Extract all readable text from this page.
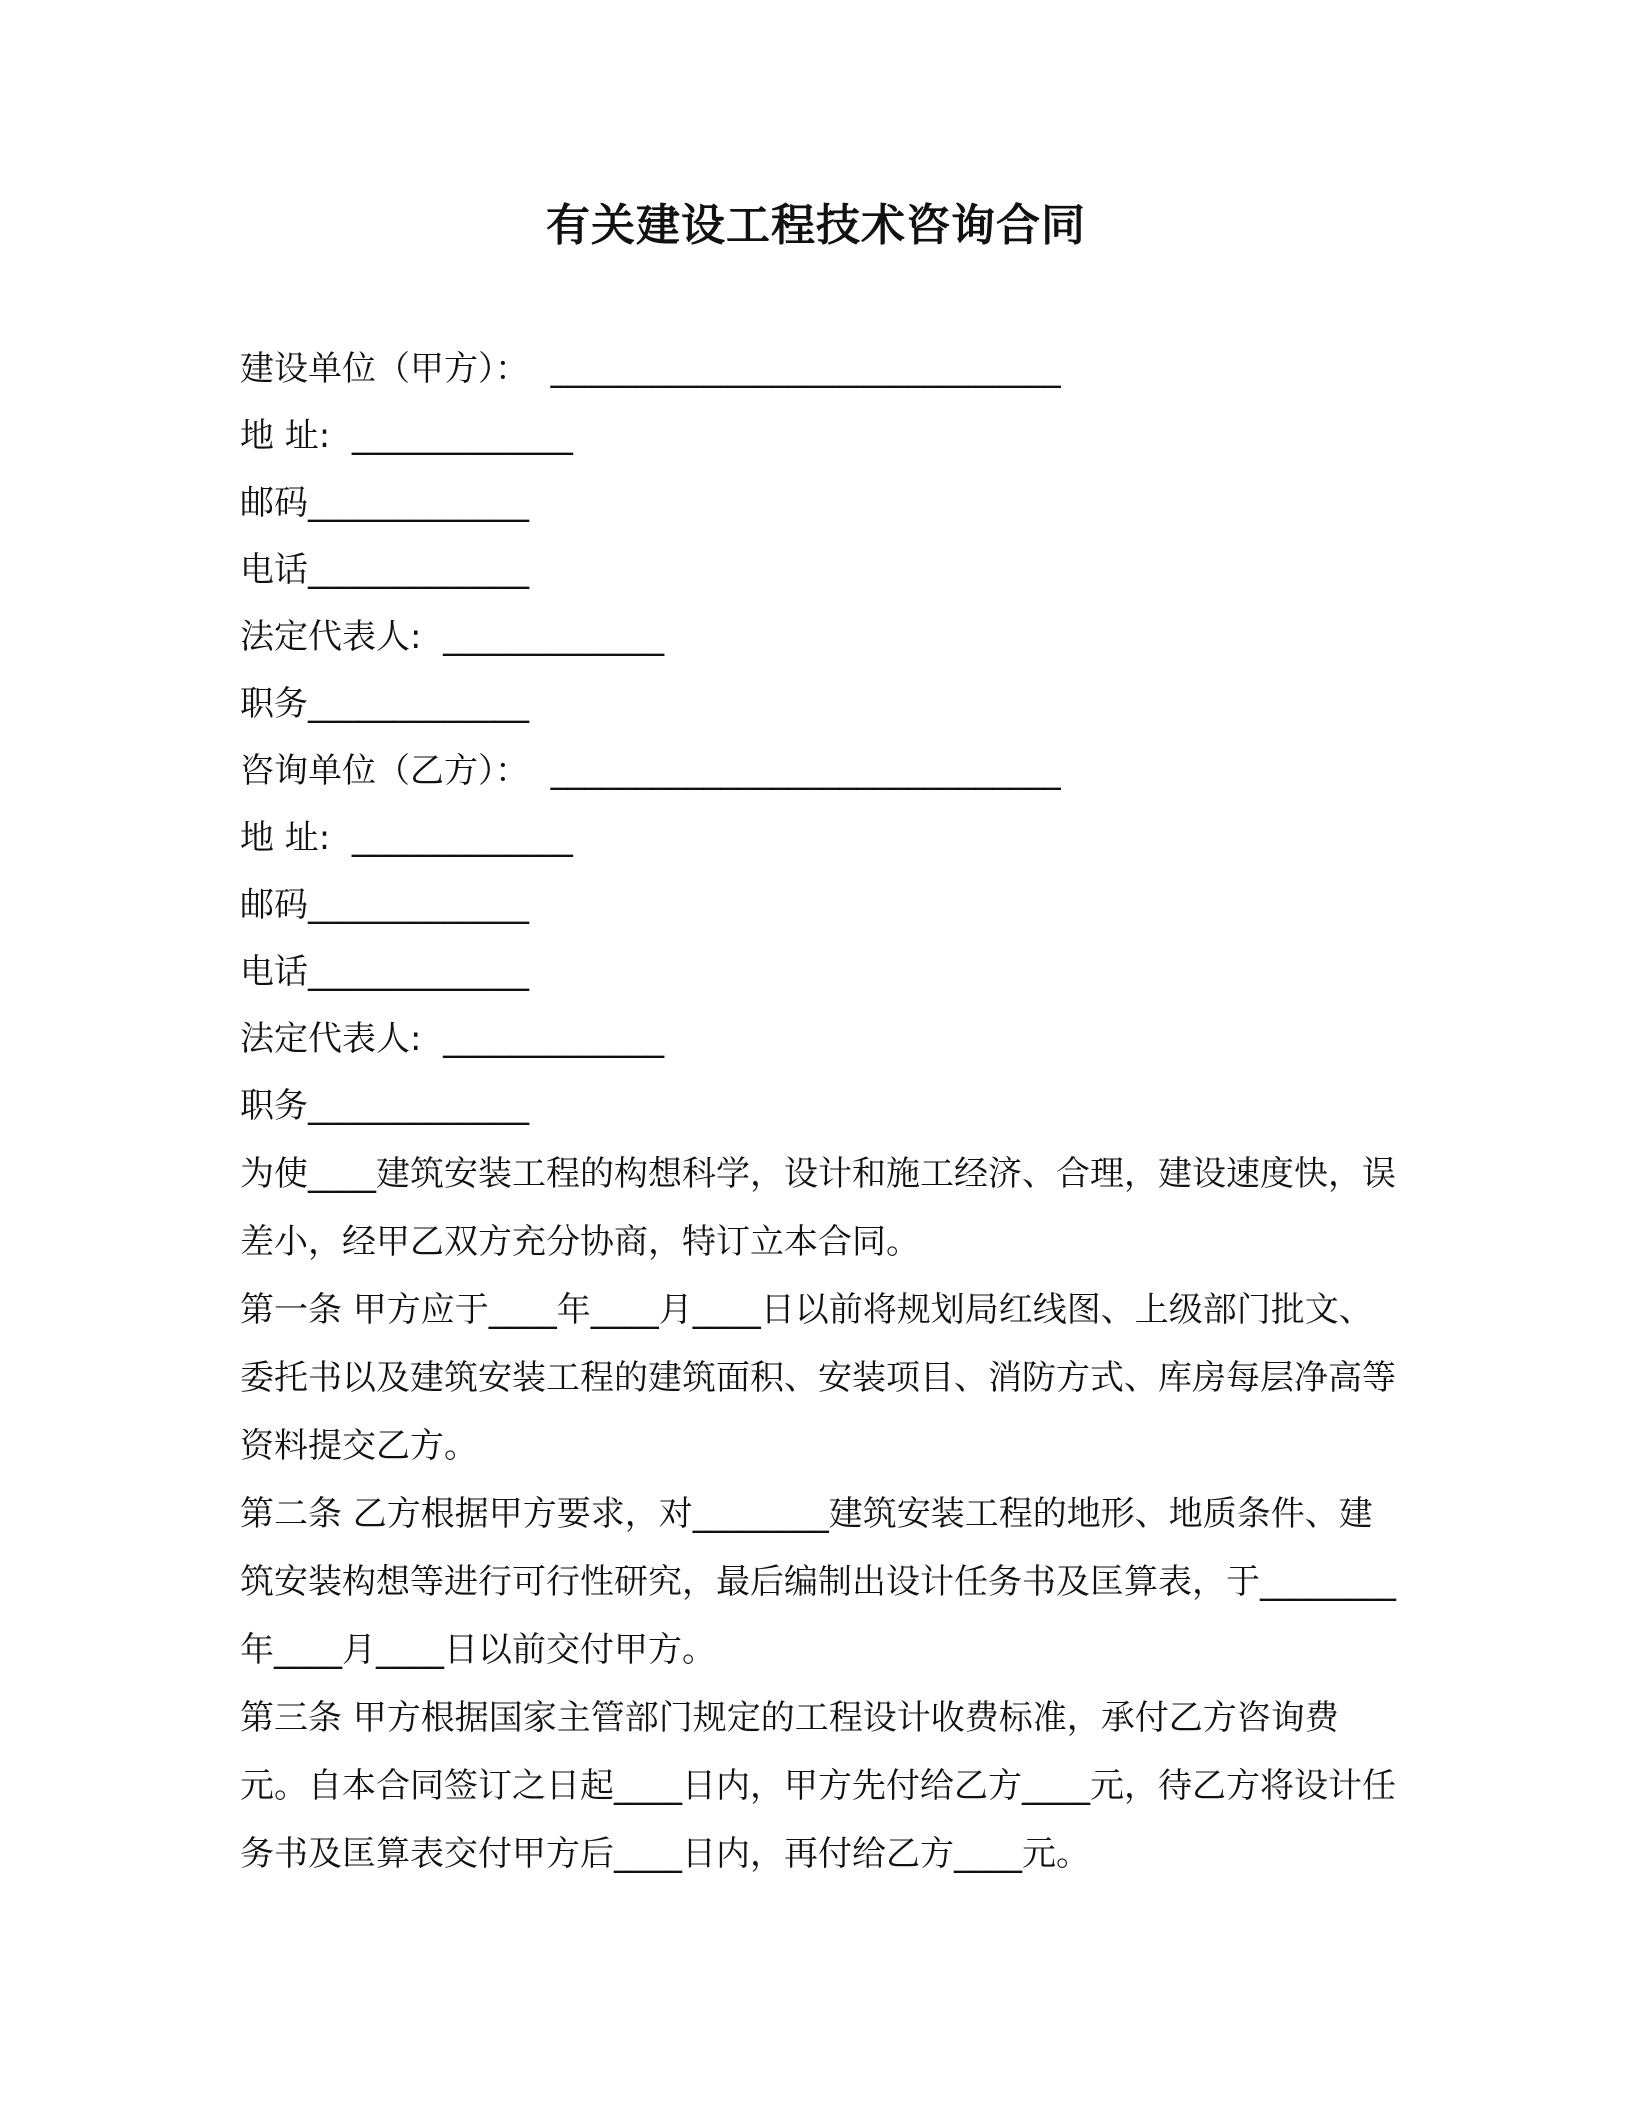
有关建设工程技术咨询合同
建设单位（甲方）：  ______________________________
地 址:  _____________
邮码_____________
电话_____________
法定代表人:  _____________
职务_____________
咨询单位（乙方）：  ______________________________
地 址:  _____________
邮码_____________
电话_____________
法定代表人:  _____________
职务_____________
为使____建筑安装工程的构想科学，设计和施工经济、合理，建设速度快，误差小，经甲乙双方充分协商，特订立本合同。
第一条 甲方应于____年____月____日以前将规划局红线图、上级部门批文、委托书以及建筑安装工程的建筑面积、安装项目、消防方式、库房每层净高等资料提交乙方。
第二条 乙方根据甲方要求，对________建筑安装工程的地形、地质条件、建筑安装构想等进行可行性研究，最后编制出设计任务书及匡算表，于________年____月____日以前交付甲方。
第三条 甲方根据国家主管部门规定的工程设计收费标准，承付乙方咨询费 元。自本合同签订之日起____日内，甲方先付给乙方____元，待乙方将设计任务书及匡算表交付甲方后____日内，再付给乙方____元。
